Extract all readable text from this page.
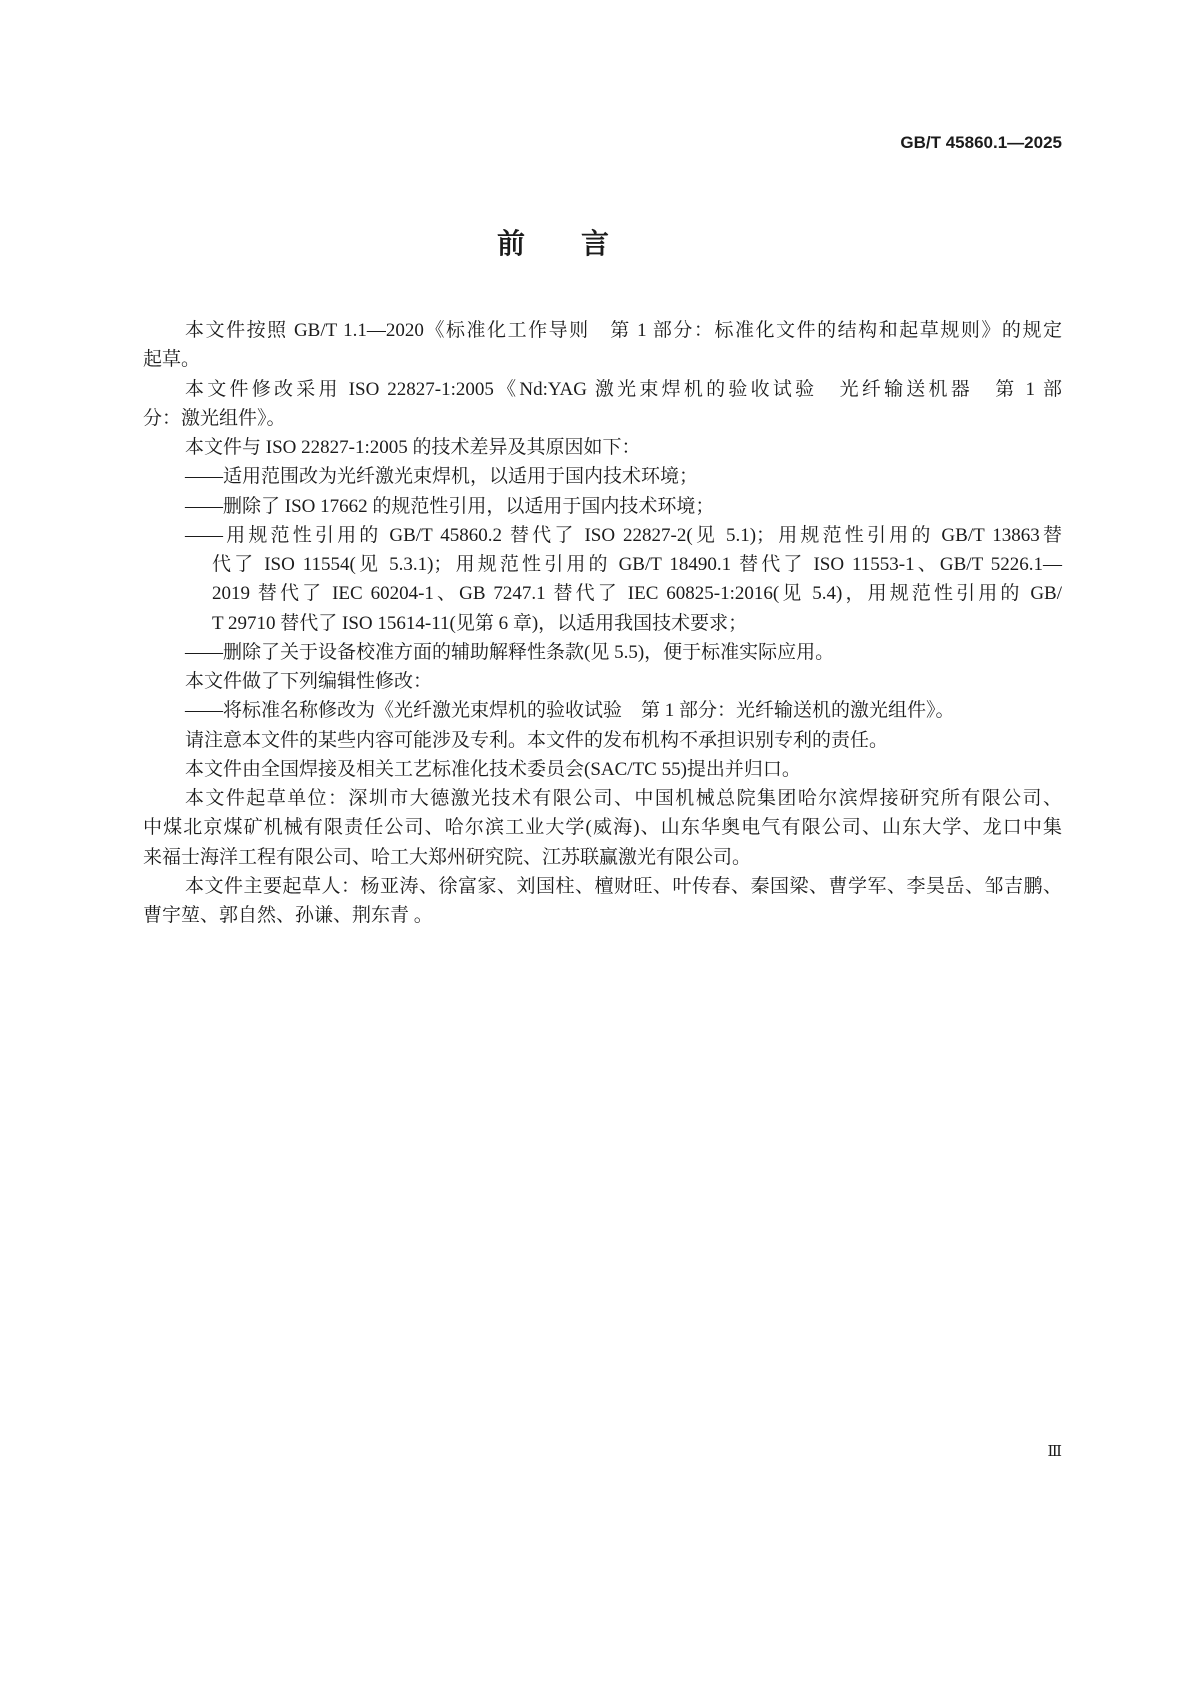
GB/T 45860.1—2025
前　言
本文件按照 GB/T 1.1—2020《标准化工作导则　第 1 部分：标准化文件的结构和起草规则》的规定
起草。
本文件修改采用 ISO 22827-1:2005《Nd:YAG 激光束焊机的验收试验　光纤输送机器　第 1 部
分：激光组件》。
本文件与 ISO 22827-1:2005 的技术差异及其原因如下：
——适用范围改为光纤激光束焊机，以适用于国内技术环境；
——删除了 ISO 17662 的规范性引用，以适用于国内技术环境；
——用规范性引用的 GB/T 45860.2 替代了 ISO 22827-2(见 5.1)；用规范性引用的 GB/T 13863替
代了 ISO 11554(见 5.3.1)；用规范性引用的 GB/T 18490.1 替代了 ISO 11553-1、GB/T 5226.1—
2019 替代了 IEC 60204-1、GB 7247.1 替代了 IEC 60825-1:2016(见 5.4)，用规范性引用的 GB/
T 29710 替代了 ISO 15614-11(见第 6 章)，以适用我国技术要求；
——删除了关于设备校准方面的辅助解释性条款(见 5.5)，便于标准实际应用。
本文件做了下列编辑性修改：
——将标准名称修改为《光纤激光束焊机的验收试验　第 1 部分：光纤输送机的激光组件》。
请注意本文件的某些内容可能涉及专利。本文件的发布机构不承担识别专利的责任。
本文件由全国焊接及相关工艺标准化技术委员会(SAC/TC 55)提出并归口。
本文件起草单位：深圳市大德激光技术有限公司、中国机械总院集团哈尔滨焊接研究所有限公司、
中煤北京煤矿机械有限责任公司、哈尔滨工业大学(威海)、山东华奥电气有限公司、山东大学、龙口中集
来福士海洋工程有限公司、哈工大郑州研究院、江苏联赢激光有限公司。
本文件主要起草人：杨亚涛、徐富家、刘国柱、檀财旺、叶传春、秦国梁、曹学军、李昊岳、邹吉鹏、
曹宇堃、郭自然、孙谦、荆东青 。
Ⅲ
